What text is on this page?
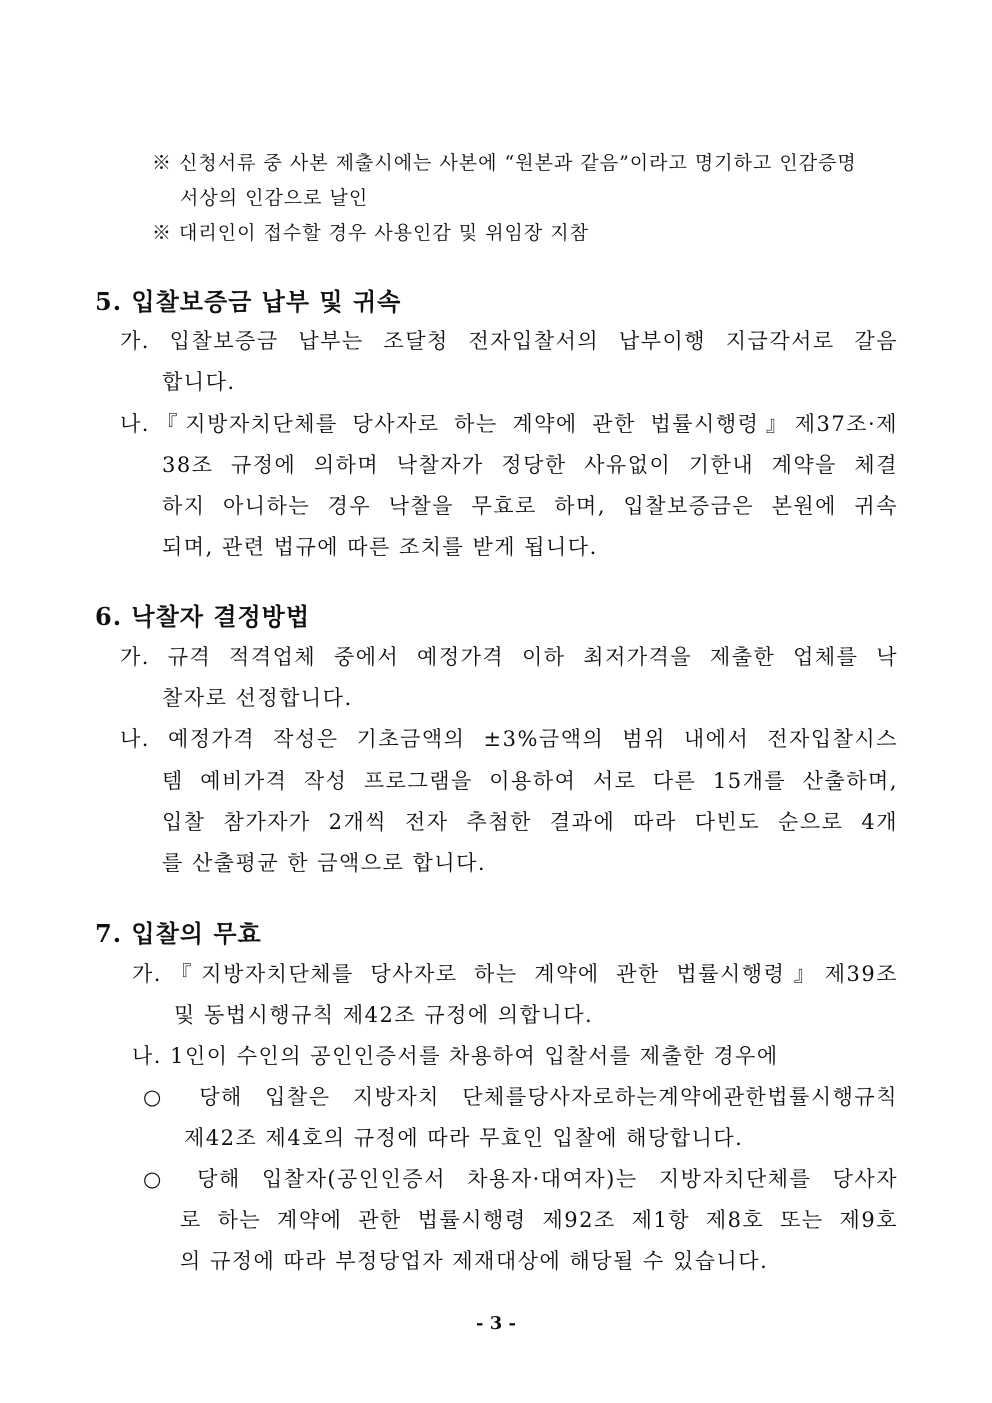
※ 신청서류 중 사본 제출시에는 사본에 “원본과 같음”이라고 명기하고 인감증명
서상의 인감으로 날인
※ 대리인이 접수할 경우 사용인감 및 위임장 지참
5. 입찰보증금 납부 및 귀속
가. 입찰보증금 납부는 조달청 전자입찰서의 납부이행 지급각서로 갈음
합니다.
나.『지방자치단체를 당사자로 하는 계약에 관한 법률시행령』제37조·제
38조 규정에 의하며 낙찰자가 정당한 사유없이 기한내 계약을 체결
하지 아니하는 경우 낙찰을 무효로 하며, 입찰보증금은 본원에 귀속
되며, 관련 법규에 따른 조치를 받게 됩니다.
6. 낙찰자 결정방법
가. 규격 적격업체 중에서 예정가격 이하 최저가격을 제출한 업체를 낙
찰자로 선정합니다.
나. 예정가격 작성은 기초금액의 ±3%금액의 범위 내에서 전자입찰시스
템 예비가격 작성 프로그램을 이용하여 서로 다른 15개를 산출하며,
입찰 참가자가 2개씩 전자 추첨한 결과에 따라 다빈도 순으로 4개
를 산출평균 한 금액으로 합니다.
7. 입찰의 무효
가.『지방자치단체를 당사자로 하는 계약에 관한 법률시행령』제39조
및 동법시행규칙 제42조 규정에 의합니다.
나. 1인이 수인의 공인인증서를 차용하여 입찰서를 제출한 경우에
○ 당해 입찰은 지방자치 단체를당사자로하는계약에관한법률시행규칙
제42조 제4호의 규정에 따라 무효인 입찰에 해당합니다.
○ 당해 입찰자(공인인증서 차용자·대여자)는 지방자치단체를 당사자
로 하는 계약에 관한 법률시행령 제92조 제1항 제8호 또는 제9호
의 규정에 따라 부정당업자 제재대상에 해당될 수 있습니다.
- 3 -
